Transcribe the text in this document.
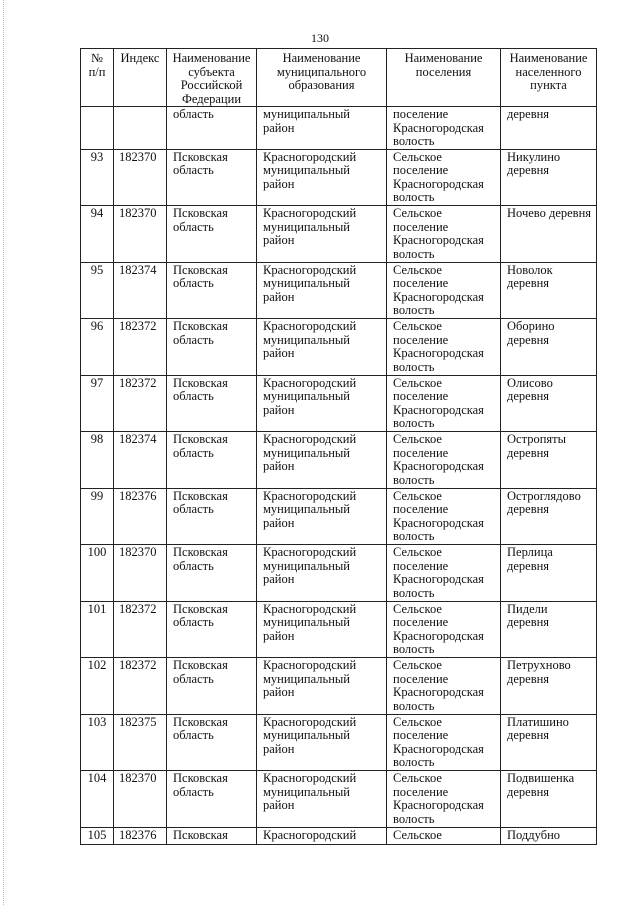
130
№
п/п	Индекс	Наименование
субъекта
Российской
Федерации	Наименование
муниципального
образования	Наименование
поселения	Наименование
населенного
пункта

		область	муниципальный
район	поселение
Красногородская
волость	деревня

93	182370	Псковская
область	Красногородский
муниципальный
район	Сельское
поселение
Красногородская
волость	Никулино
деревня

94	182370	Псковская
область	Красногородский
муниципальный
район	Сельское
поселение
Красногородская
волость	Ночево деревня

95	182374	Псковская
область	Красногородский
муниципальный
район	Сельское
поселение
Красногородская
волость	Новолок деревня

96	182372	Псковская
область	Красногородский
муниципальный
район	Сельское
поселение
Красногородская
волость	Оборино деревня

97	182372	Псковская
область	Красногородский
муниципальный
район	Сельское
поселение
Красногородская
волость	Олисово деревня

98	182374	Псковская
область	Красногородский
муниципальный
район	Сельское
поселение
Красногородская
волость	Остропяты
деревня

99	182376	Псковская
область	Красногородский
муниципальный
район	Сельское
поселение
Красногородская
волость	Остроглядово
деревня

100	182370	Псковская
область	Красногородский
муниципальный
район	Сельское
поселение
Красногородская
волость	Перлица деревня

101	182372	Псковская
область	Красногородский
муниципальный
район	Сельское
поселение
Красногородская
волость	Пидели деревня

102	182372	Псковская
область	Красногородский
муниципальный
район	Сельское
поселение
Красногородская
волость	Петрухново
деревня

103	182375	Псковская
область	Красногородский
муниципальный
район	Сельское
поселение
Красногородская
волость	Платишино
деревня

104	182370	Псковская
область	Красногородский
муниципальный
район	Сельское
поселение
Красногородская
волость	Подвишенка
деревня

105	182376	Псковская	Красногородский	Сельское	Поддубно
